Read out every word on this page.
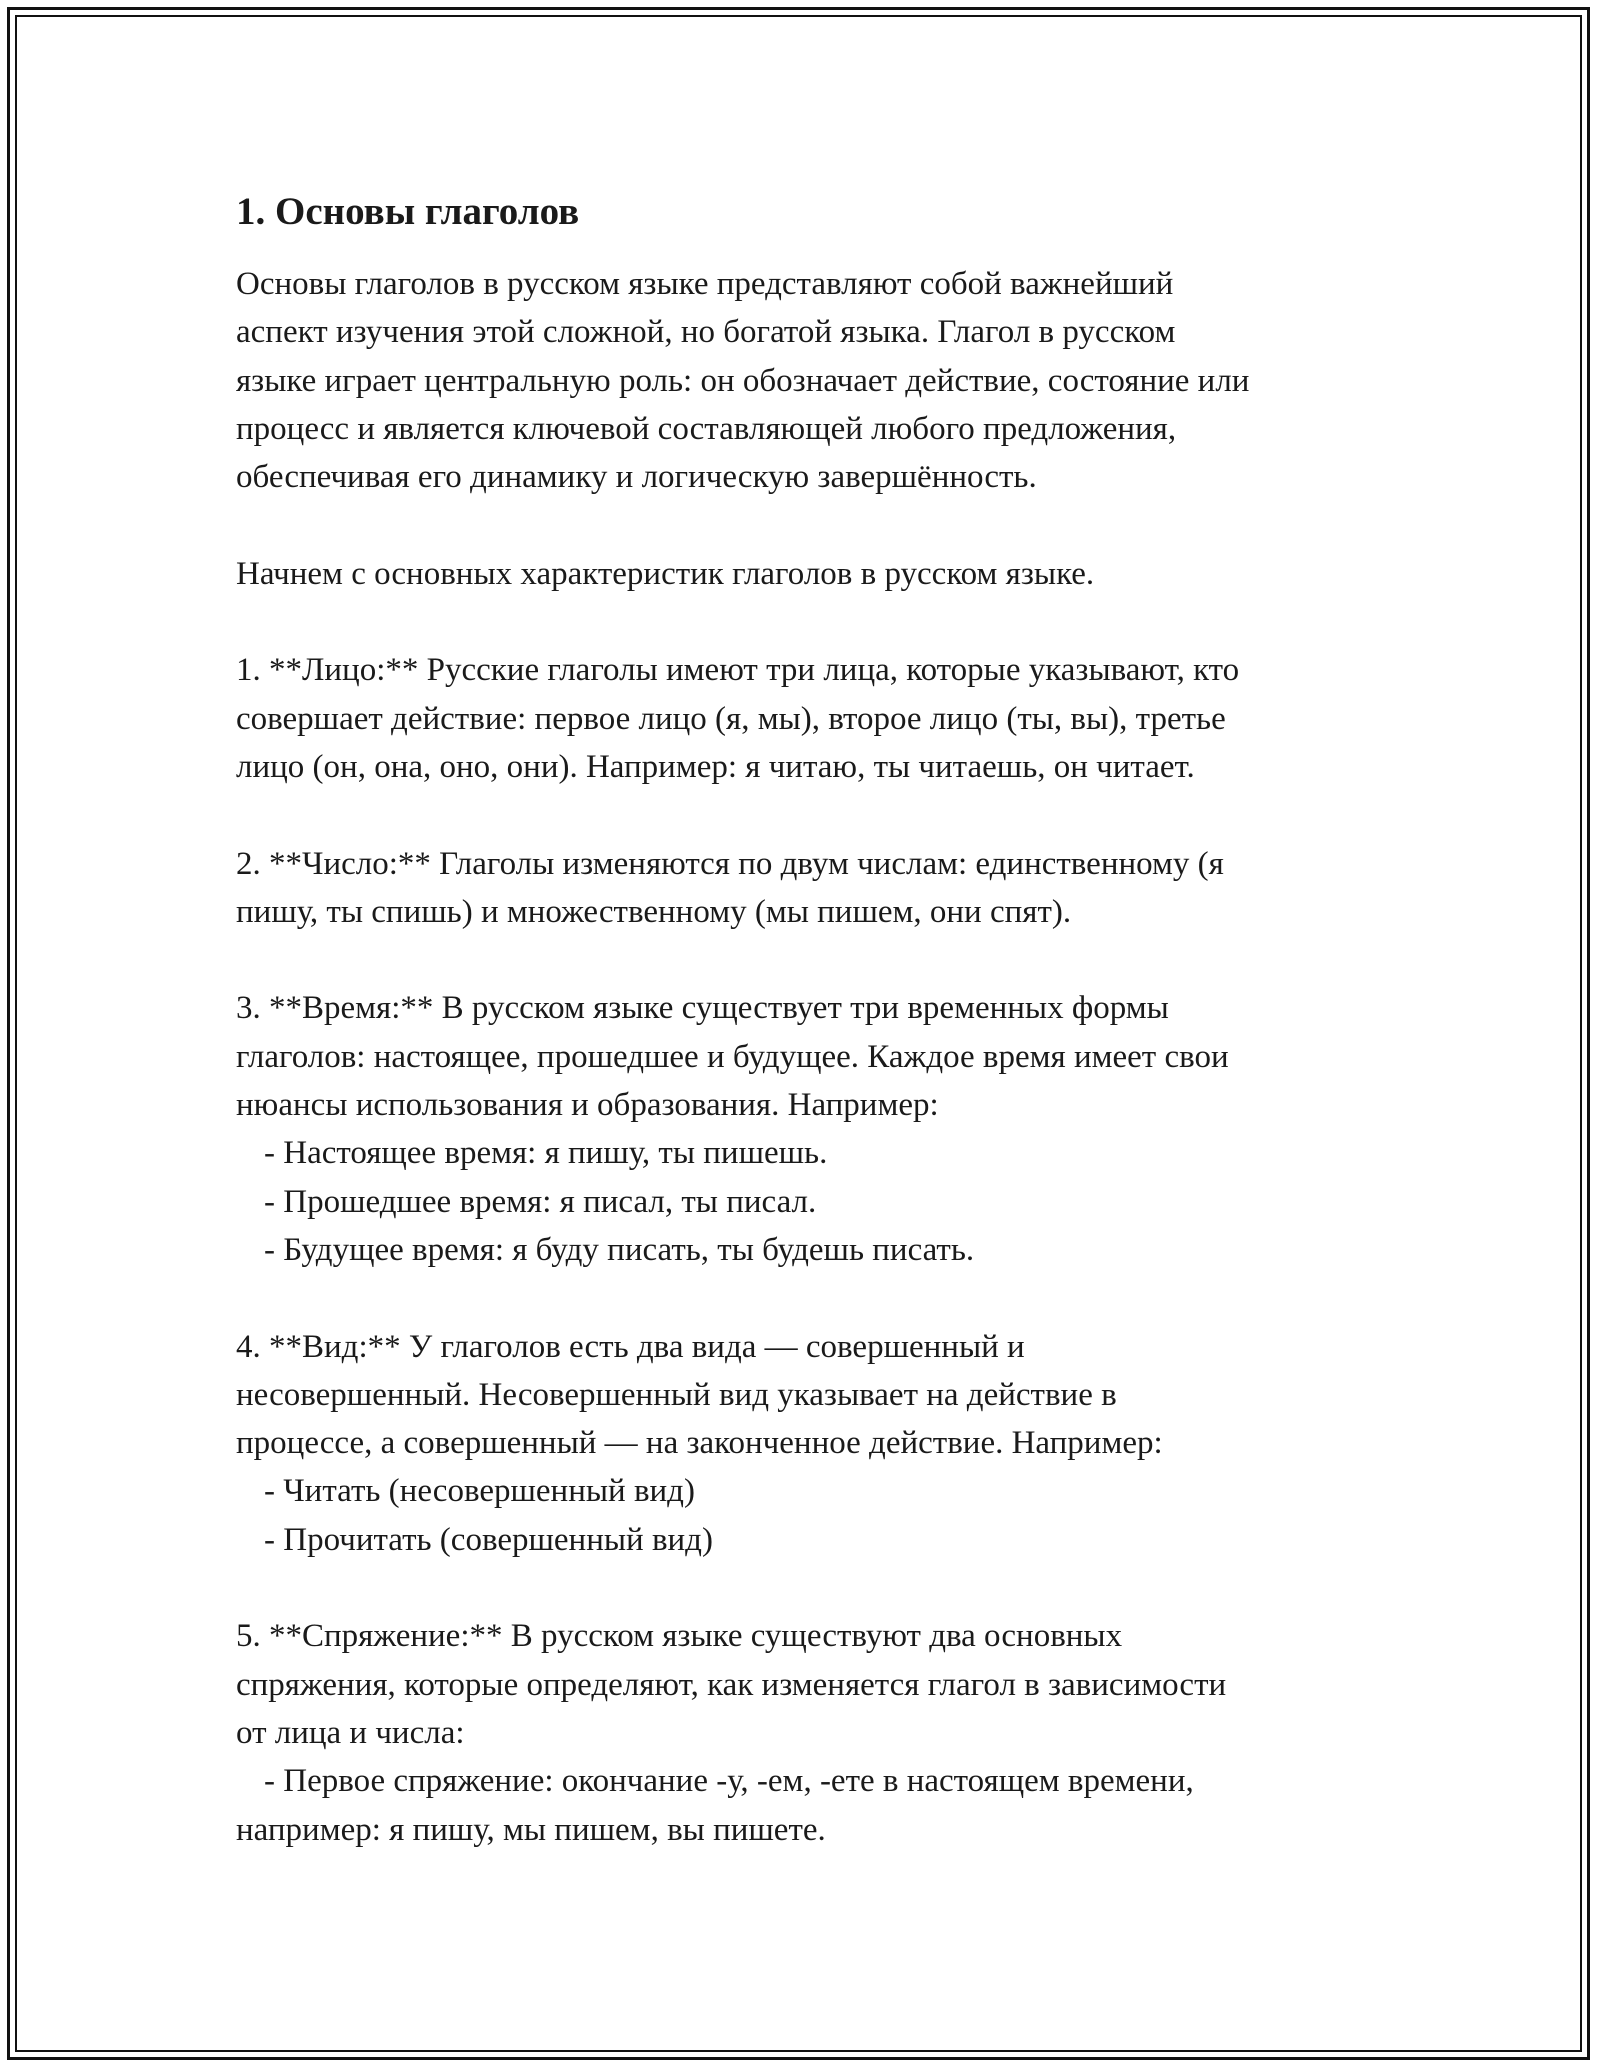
1. Основы глаголов

Основы глаголов в русском языке представляют собой важнейший
аспект изучения этой сложной, но богатой языка. Глагол в русском
языке играет центральную роль: он обозначает действие, состояние или
процесс и является ключевой составляющей любого предложения,
обеспечивая его динамику и логическую завершённость.

Начнем с основных характеристик глаголов в русском языке.

1. **Лицо:** Русские глаголы имеют три лица, которые указывают, кто
совершает действие: первое лицо (я, мы), второе лицо (ты, вы), третье
лицо (он, она, оно, они). Например: я читаю, ты читаешь, он читает.

2. **Число:** Глаголы изменяются по двум числам: единственному (я
пишу, ты спишь) и множественному (мы пишем, они спят).

3. **Время:** В русском языке существует три временных формы
глаголов: настоящее, прошедшее и будущее. Каждое время имеет свои
нюансы использования и образования. Например:
- Настоящее время: я пишу, ты пишешь.
- Прошедшее время: я писал, ты писал.
- Будущее время: я буду писать, ты будешь писать.

4. **Вид:** У глаголов есть два вида — совершенный и
несовершенный. Несовершенный вид указывает на действие в
процессе, а совершенный — на законченное действие. Например:
- Читать (несовершенный вид)
- Прочитать (совершенный вид)

5. **Спряжение:** В русском языке существуют два основных
спряжения, которые определяют, как изменяется глагол в зависимости
от лица и числа:
- Первое спряжение: окончание -у, -ем, -ете в настоящем времени,
например: я пишу, мы пишем, вы пишете.
